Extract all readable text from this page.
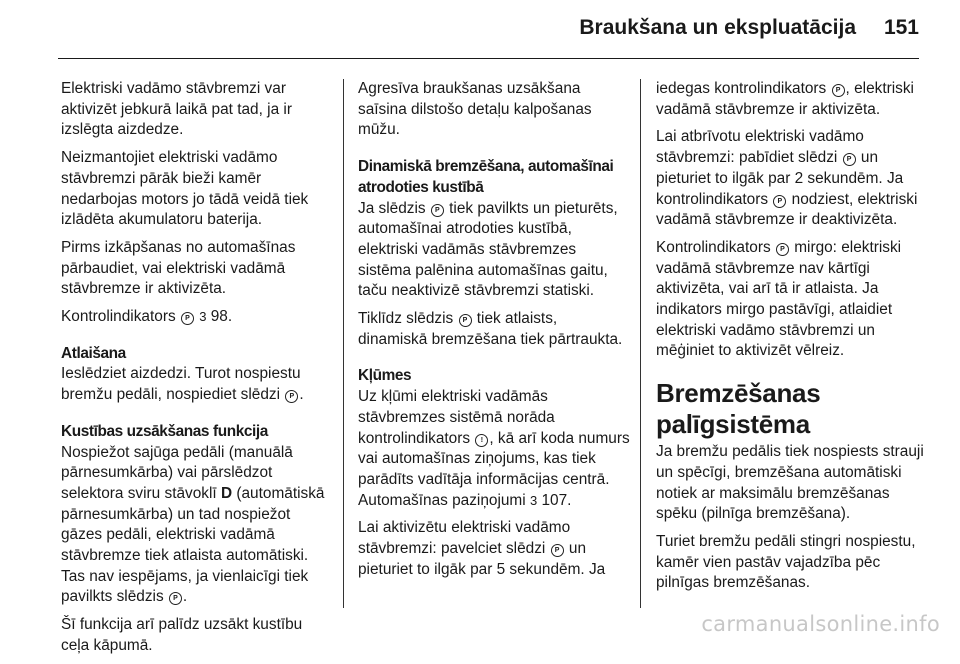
Braukšana un ekspluatācija 151

Elektriski vadāmo stāvbremzi var aktivizēt jebkurā laikā pat tad, ja ir izslēgta aizdedze.

Neizmantojiet elektriski vadāmo stāvbremzi pārāk bieži kamēr nedarbojas motors jo tādā veidā tiek izlādēta akumulatoru baterija.

Pirms izkāpšanas no automašīnas pārbaudiet, vai elektriski vadāmā stāvbremze ir aktivizēta.

Kontrolindikators P 3 98.

Atlaišana

Ieslēdziet aizdedzi. Turot nospiestu bremžu pedāli, nospiediet slēdzi P .

Kustības uzsākšanas funkcija

Nospiežot sajūga pedāli (manuālā pārnesumkārba) vai pārslēdzot selektora sviru stāvoklī D (automātiskā pārnesumkārba) un tad nospiežot gāzes pedāli, elektriski vadāmā stāvbremze tiek atlaista automātiski. Tas nav iespējams, ja vienlaicīgi tiek pavilkts slēdzis P .

Šī funkcija arī palīdz uzsākt kustību ceļa kāpumā.

Agresīva braukšanas uzsākšana saīsina dilstošo detaļu kalpošanas mūžu.

Dinamiskā bremzēšana, automašīnai atrodoties kustībā

Ja slēdzis P tiek pavilkts un pieturēts, automašīnai atrodoties kustībā, elektriski vadāmās stāvbremzes sistēma palēnina automašīnas gaitu, taču neaktivizē stāvbremzi statiski.

Tiklīdz slēdzis P tiek atlaists, dinamiskā bremzēšana tiek pārtraukta.

Kļūmes

Uz kļūmi elektriski vadāmās stāvbremzes sistēmā norāda kontrolindikators ! , kā arī koda numurs vai automašīnas ziņojums, kas tiek parādīts vadītāja informācijas centrā. Automašīnas paziņojumi 3 107.

Lai aktivizētu elektriski vadāmo stāvbremzi: pavelciet slēdzi P un pieturiet to ilgāk par 5 sekundēm. Ja

iedegas kontrolindikators P , elektriski vadāmā stāvbremze ir aktivizēta.

Lai atbrīvotu elektriski vadāmo stāvbremzi: pabīdiet slēdzi P un pieturiet to ilgāk par 2 sekundēm. Ja kontrolindikators P nodziest, elektriski vadāmā stāvbremze ir deaktivizēta.

Kontrolindikators P mirgo: elektriski vadāmā stāvbremze nav kārtīgi aktivizēta, vai arī tā ir atlaista. Ja indikators mirgo pastāvīgi, atlaidiet elektriski vadāmo stāvbremzi un mēģiniet to aktivizēt vēlreiz.

Bremzēšanas palīgsistēma

Ja bremžu pedālis tiek nospiests strauji un spēcīgi, bremzēšana automātiski notiek ar maksimālu bremzēšanas spēku (pilnīga bremzēšana).

Turiet bremžu pedāli stingri nospiestu, kamēr vien pastāv vajadzība pēc pilnīgas bremzēšanas.

carmanualsonline.info
